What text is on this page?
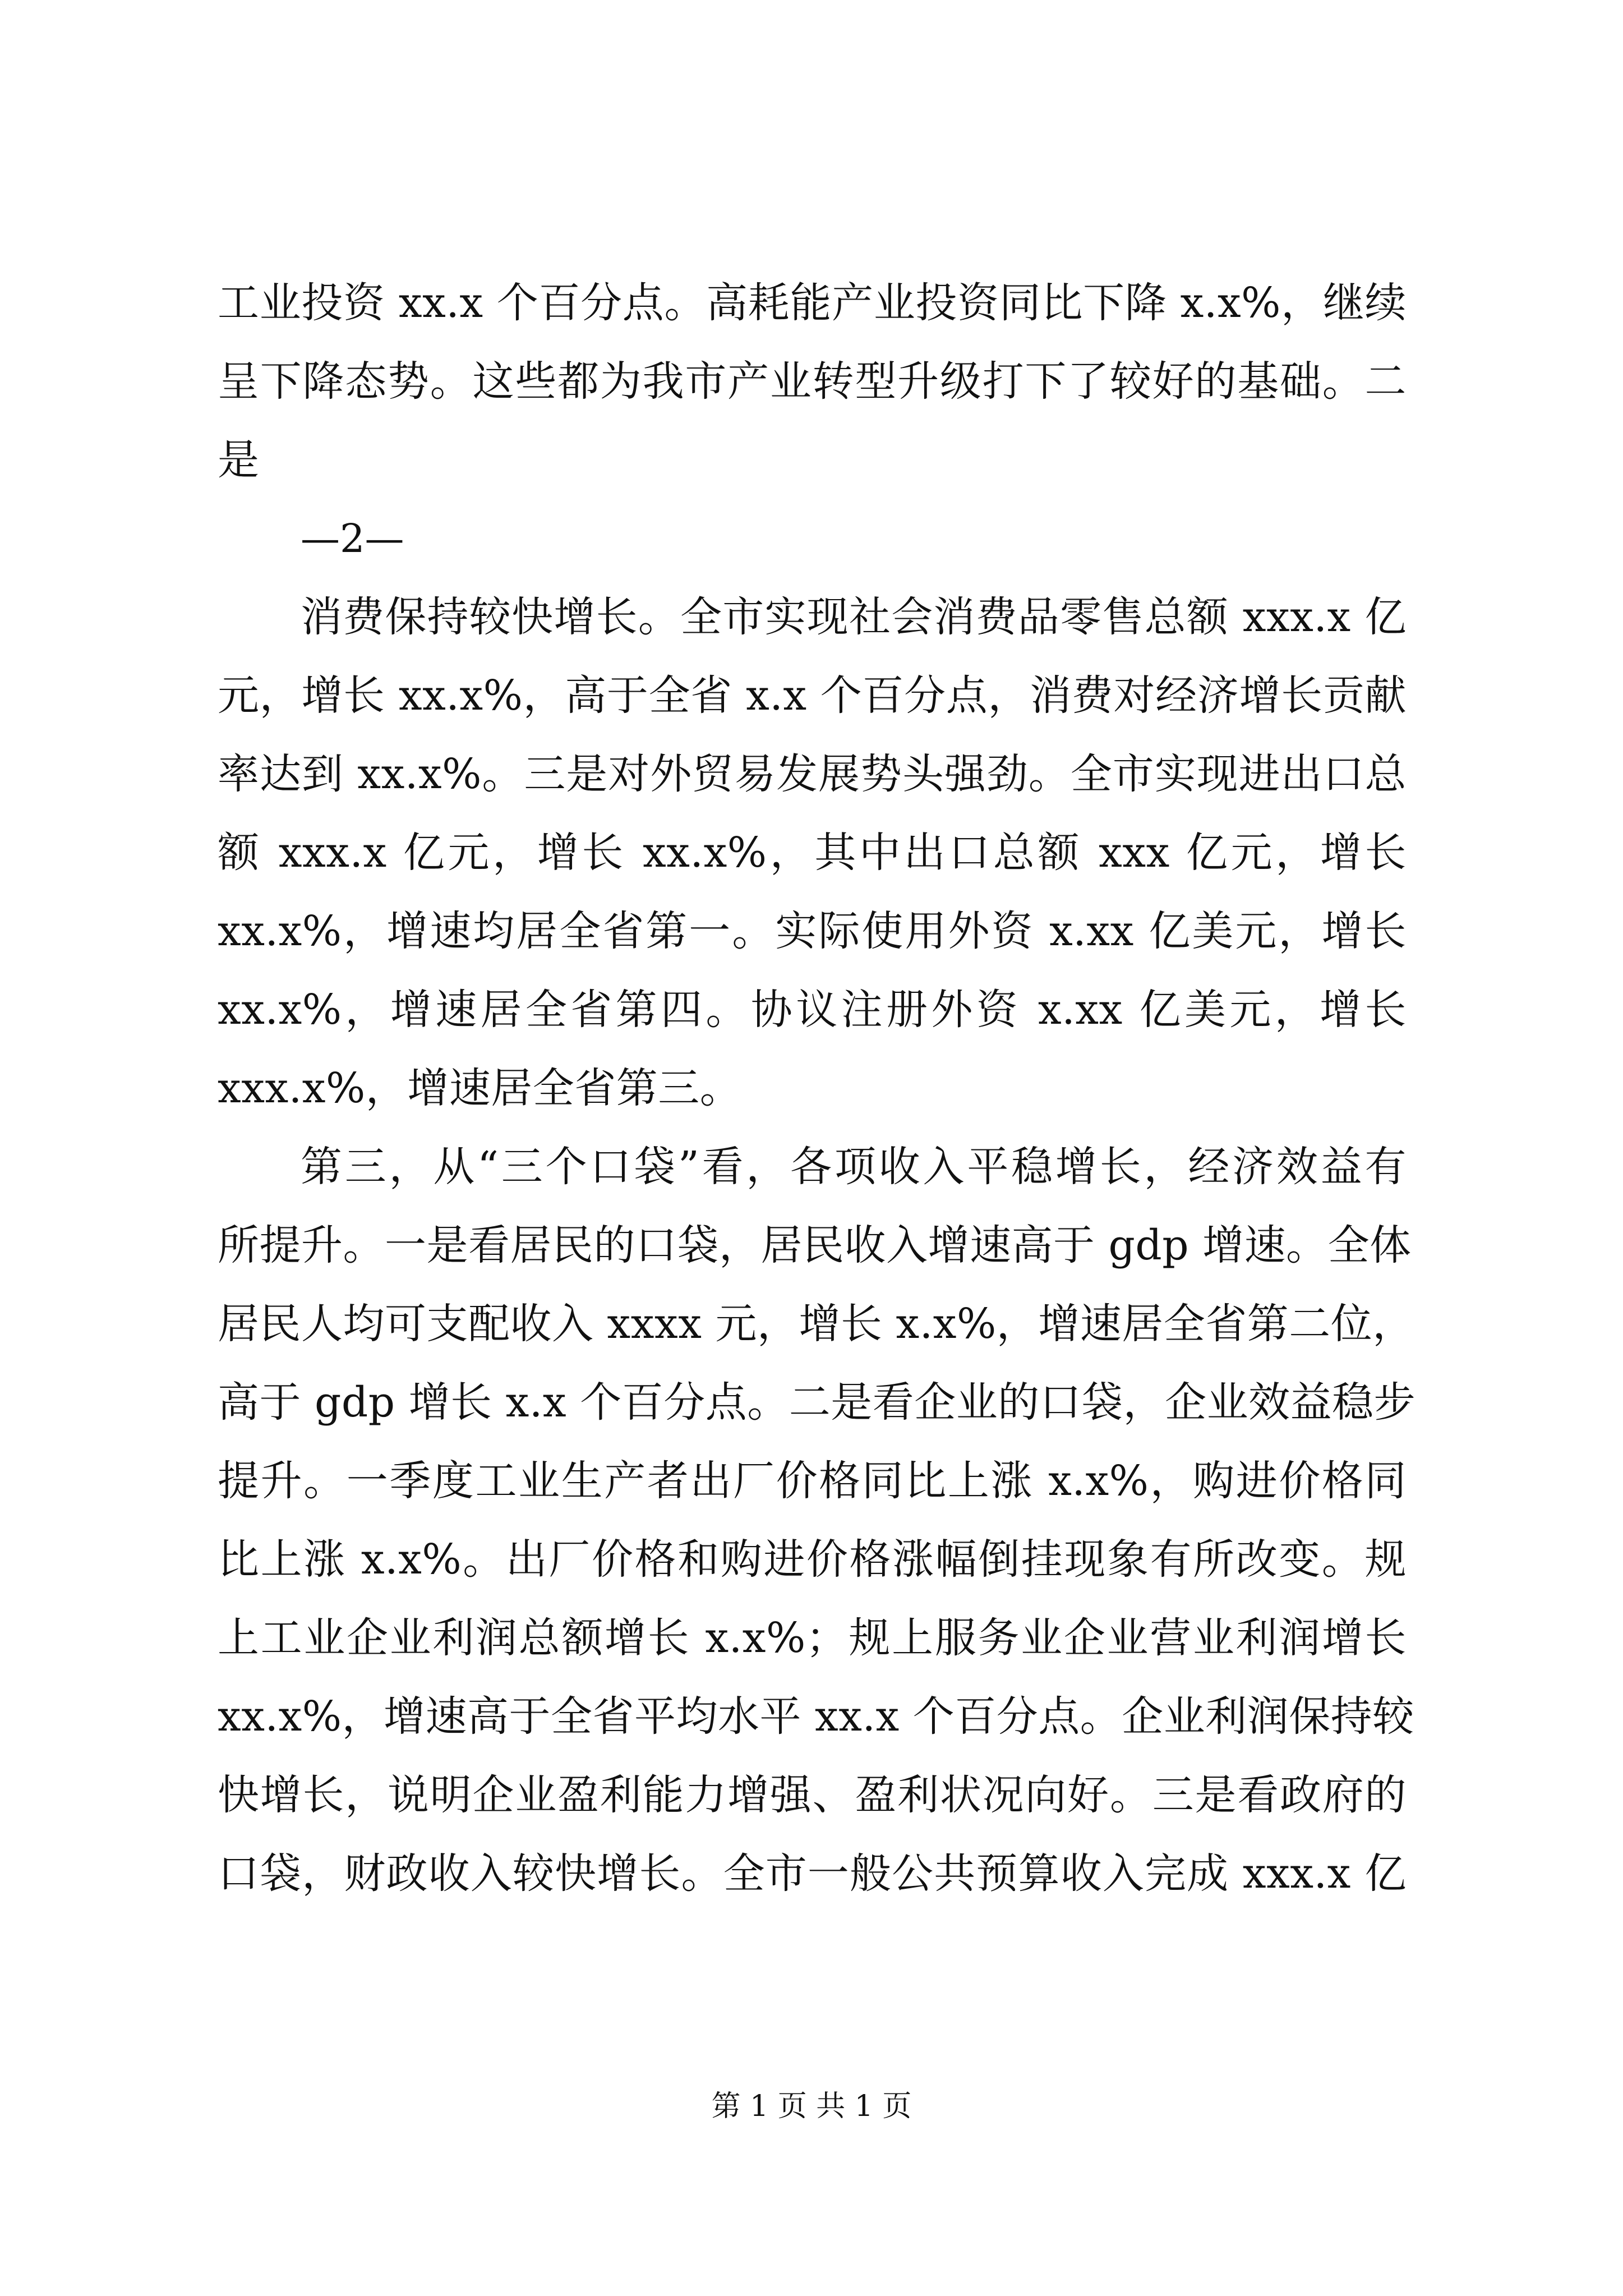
工业投资 xx.x 个百分点。高耗能产业投资同比下降 x.x%，继续
呈下降态势。这些都为我市产业转型升级打下了较好的基础。二
是
—2—
消费保持较快增长。全市实现社会消费品零售总额 xxx.x 亿
元，增长 xx.x%，高于全省 x.x 个百分点，消费对经济增长贡献
率达到 xx.x%。三是对外贸易发展势头强劲。全市实现进出口总
额 xxx.x 亿元，增长 xx.x%，其中出口总额 xxx 亿元，增长
xx.x%，增速均居全省第一。实际使用外资 x.xx 亿美元，增长
xx.x%，增速居全省第四。协议注册外资 x.xx 亿美元，增长
xxx.x%，增速居全省第三。
第三，从“三个口袋”看，各项收入平稳增长，经济效益有
所提升。一是看居民的口袋，居民收入增速高于 gdp 增速。全体
居民人均可支配收入 xxxx 元，增长 x.x%，增速居全省第二位，
高于 gdp 增长 x.x 个百分点。二是看企业的口袋，企业效益稳步
提升。一季度工业生产者出厂价格同比上涨 x.x%，购进价格同
比上涨 x.x%。出厂价格和购进价格涨幅倒挂现象有所改变。规
上工业企业利润总额增长 x.x%；规上服务业企业营业利润增长
xx.x%，增速高于全省平均水平 xx.x 个百分点。企业利润保持较
快增长，说明企业盈利能力增强、盈利状况向好。三是看政府的
口袋，财政收入较快增长。全市一般公共预算收入完成 xxx.x 亿
第 1 页 共 1 页
